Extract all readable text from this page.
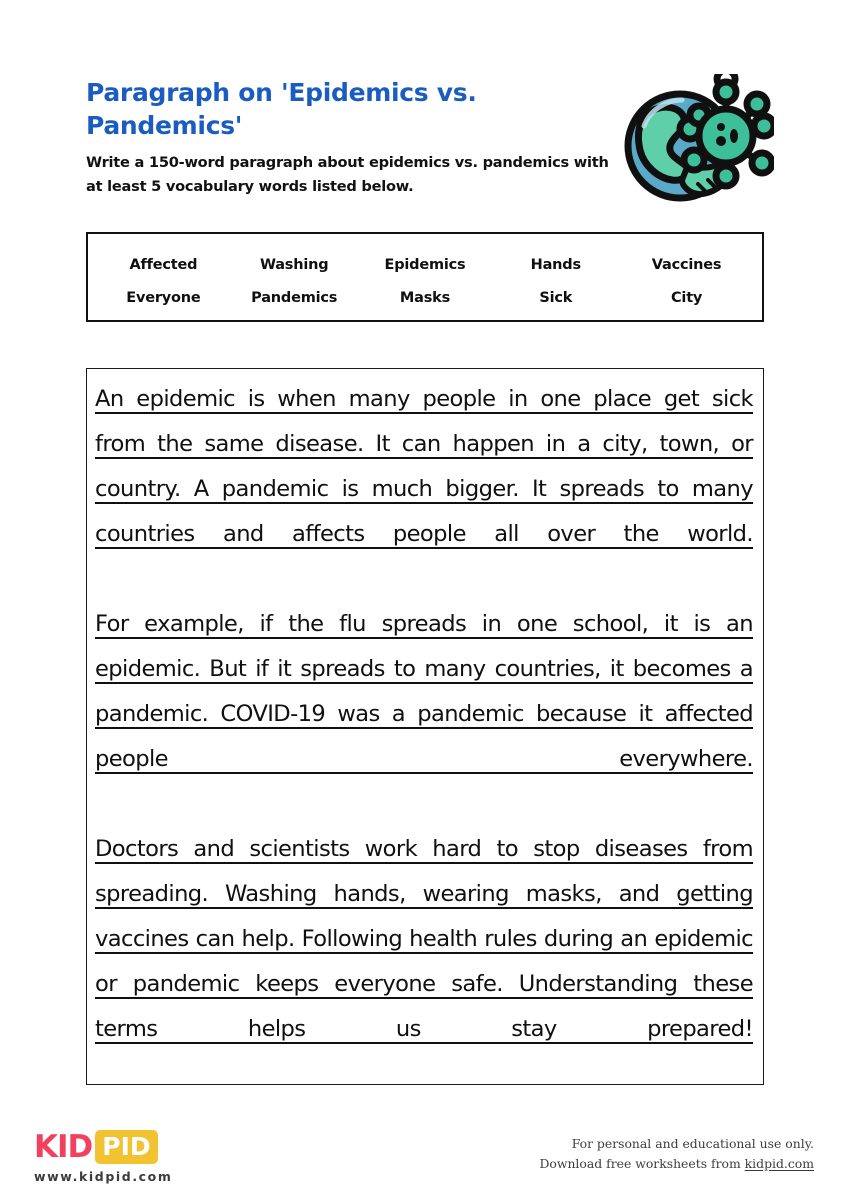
Paragraph on 'Epidemics vs. Pandemics'
Write a 150-word paragraph about epidemics vs. pandemics with at least 5 vocabulary words listed below.
Affected	Washing	Epidemics	Hands	Vaccines
Everyone	Pandemics	Masks	Sick	City

An epidemic is when many people in one place get sick from the same disease. It can happen in a city, town, or country. A pandemic is much bigger. It spreads to many countries and affects people all over the world.

For example, if the flu spreads in one school, it is an epidemic. But if it spreads to many countries, it becomes a pandemic. COVID-19 was a pandemic because it affected people everywhere.

Doctors and scientists work hard to stop diseases from spreading. Washing hands, wearing masks, and getting vaccines can help. Following health rules during an epidemic or pandemic keeps everyone safe. Understanding these terms helps us stay prepared!

KID PID
www.kidpid.com
For personal and educational use only.
Download free worksheets from kidpid.com
